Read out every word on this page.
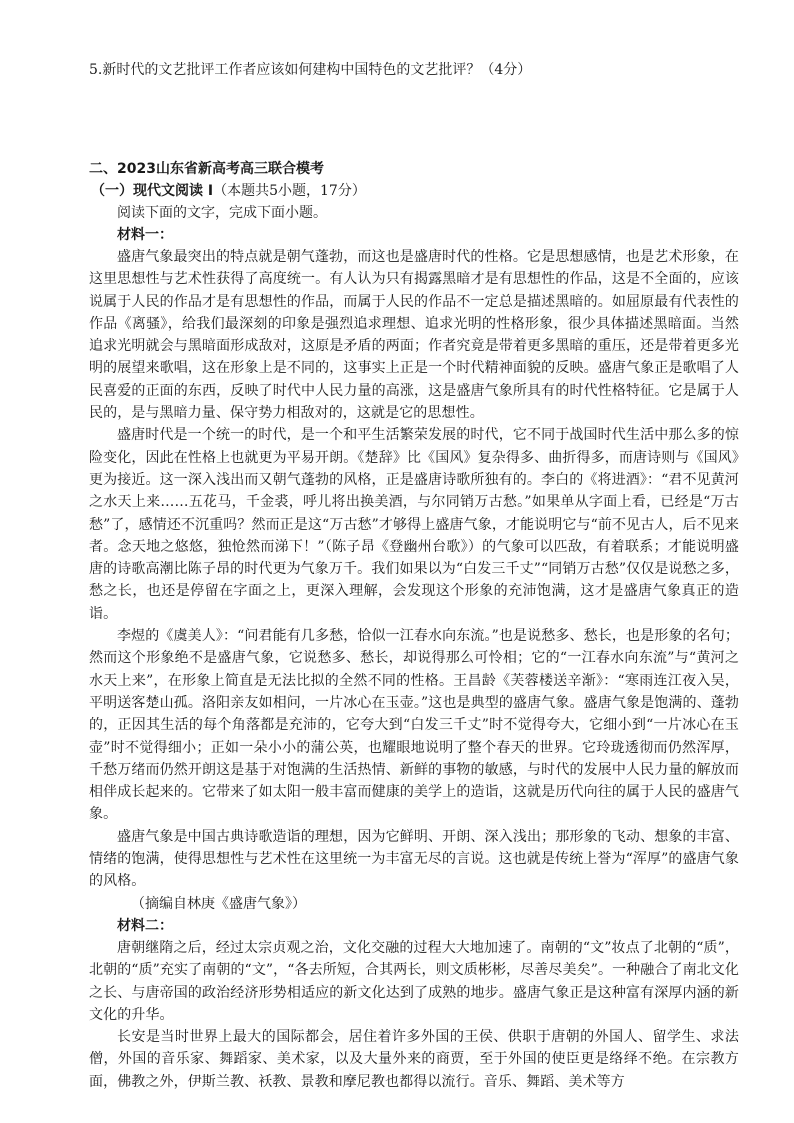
5.新时代的文艺批评工作者应该如何建构中国特色的文艺批评？（4分）

二、2023山东省新高考高三联合模考

（一）现代文阅读 I（本题共5小题，17分）

阅读下面的文字，完成下面小题。

材料一：

盛唐气象最突出的特点就是朝气蓬勃，而这也是盛唐时代的性格。它是思想感情，也是艺术形象，在这里思想性与艺术性获得了高度统一。有人认为只有揭露黑暗才是有思想性的作品，这是不全面的，应该说属于人民的作品才是有思想性的作品，而属于人民的作品不一定总是描述黑暗的。如屈原最有代表性的作品《离骚》，给我们最深刻的印象是强烈追求理想、追求光明的性格形象，很少具体描述黑暗面。当然追求光明就会与黑暗面形成敌对，这原是矛盾的两面；作者究竟是带着更多黑暗的重压，还是带着更多光明的展望来歌唱，这在形象上是不同的，这事实上正是一个时代精神面貌的反映。盛唐气象正是歌唱了人民喜爱的正面的东西，反映了时代中人民力量的高涨，这是盛唐气象所具有的时代性格特征。它是属于人民的，是与黑暗力量、保守势力相敌对的，这就是它的思想性。

盛唐时代是一个统一的时代，是一个和平生活繁荣发展的时代，它不同于战国时代生活中那么多的惊险变化，因此在性格上也就更为平易开朗。《楚辞》比《国风》复杂得多、曲折得多，而唐诗则与《国风》更为接近。这一深入浅出而又朝气蓬勃的风格，正是盛唐诗歌所独有的。李白的《将进酒》：“君不见黄河之水天上来……五花马，千金裘，呼儿将出换美酒，与尔同销万古愁。”如果单从字面上看，已经是“万古愁”了，感情还不沉重吗？然而正是这“万古愁”才够得上盛唐气象，才能说明它与“前不见古人，后不见来者。念天地之悠悠，独怆然而涕下！”（陈子昂《登幽州台歌》）的气象可以匹敌，有着联系；才能说明盛唐的诗歌高潮比陈子昂的时代更为气象万千。我们如果以为“白发三千丈”“同销万古愁”仅仅是说愁之多，愁之长，也还是停留在字面之上，更深入理解，会发现这个形象的充沛饱满，这才是盛唐气象真正的造诣。

李煜的《虞美人》：“问君能有几多愁，恰似一江春水向东流。”也是说愁多、愁长，也是形象的名句；然而这个形象绝不是盛唐气象，它说愁多、愁长，却说得那么可怜相；它的“一江春水向东流”与“黄河之水天上来”，在形象上简直是无法比拟的全然不同的性格。王昌龄《芙蓉楼送辛渐》：“寒雨连江夜入吴，平明送客楚山孤。洛阳亲友如相问，一片冰心在玉壶。”这也是典型的盛唐气象。盛唐气象是饱满的、蓬勃的，正因其生活的每个角落都是充沛的，它夸大到“白发三千丈”时不觉得夸大，它细小到“一片冰心在玉壶”时不觉得细小；正如一朵小小的蒲公英，也耀眼地说明了整个春天的世界。它玲珑透彻而仍然浑厚，千愁万绪而仍然开朗这是基于对饱满的生活热情、新鲜的事物的敏感，与时代的发展中人民力量的解放而相伴成长起来的。它带来了如太阳一般丰富而健康的美学上的造诣，这就是历代向往的属于人民的盛唐气象。

盛唐气象是中国古典诗歌造诣的理想，因为它鲜明、开朗、深入浅出；那形象的飞动、想象的丰富、情绪的饱满，使得思想性与艺术性在这里统一为丰富无尽的言说。这也就是传统上誉为“浑厚”的盛唐气象的风格。

（摘编自林庚《盛唐气象》）

材料二：

唐朝继隋之后，经过太宗贞观之治，文化交融的过程大大地加速了。南朝的“文”妆点了北朝的“质”，北朝的“质”充实了南朝的“文”，“各去所短，合其两长，则文质彬彬，尽善尽美矣”。一种融合了南北文化之长、与唐帝国的政治经济形势相适应的新文化达到了成熟的地步。盛唐气象正是这种富有深厚内涵的新文化的升华。

长安是当时世界上最大的国际都会，居住着许多外国的王侯、供职于唐朝的外国人、留学生、求法僧，外国的音乐家、舞蹈家、美术家，以及大量外来的商贾，至于外国的使臣更是络绎不绝。在宗教方面，佛教之外，伊斯兰教、袄教、景教和摩尼教也都得以流行。音乐、舞蹈、美术等方
